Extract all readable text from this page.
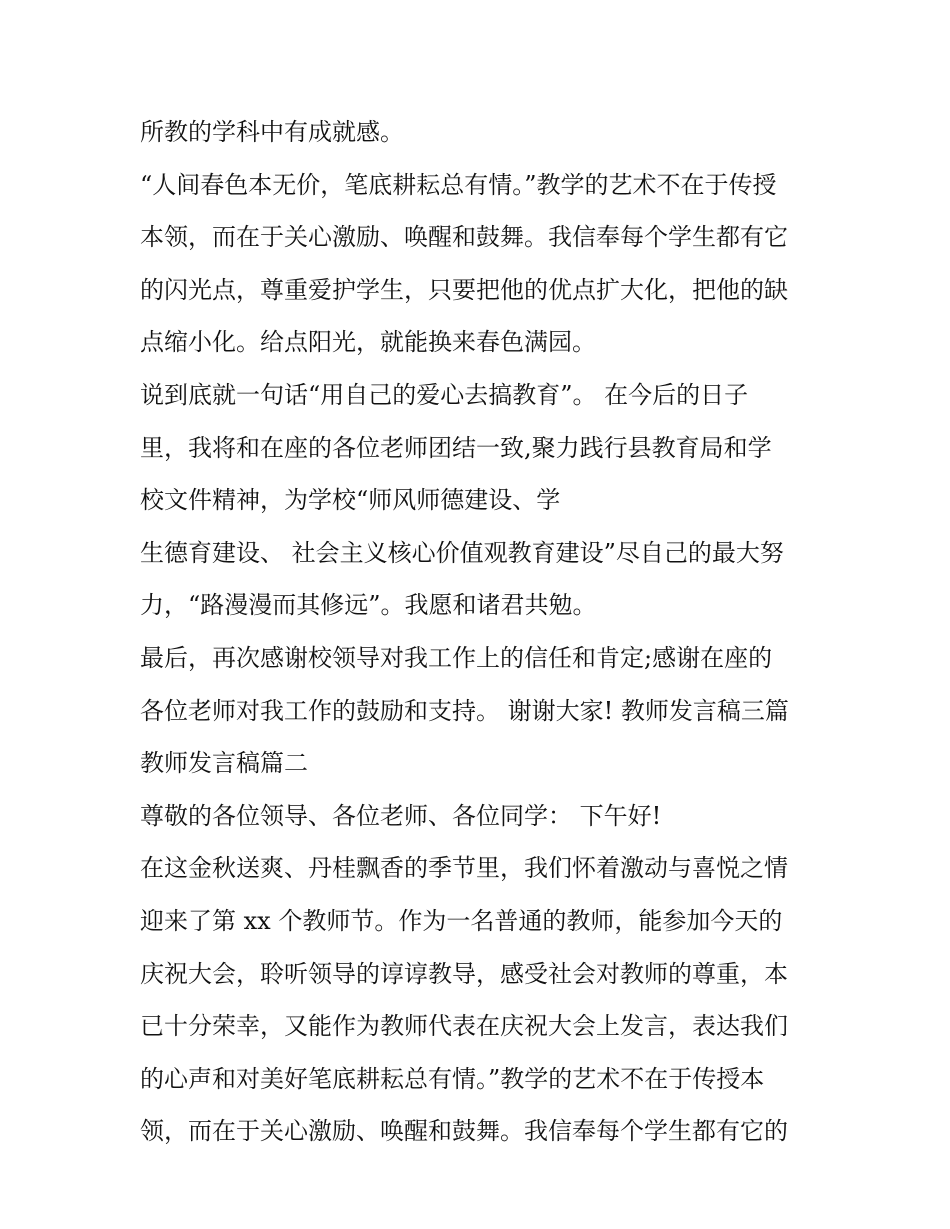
所教的学科中有成就感。
“人间春色本无价，笔底耕耘总有情。”教学的艺术不在于传授
本领，而在于关心激励、唤醒和鼓舞。我信奉每个学生都有它
的闪光点，尊重爱护学生，只要把他的优点扩大化，把他的缺
点缩小化。给点阳光，就能换来春色满园。
说到底就一句话“用自己的爱心去搞教育”。 在今后的日子
里，我将和在座的各位老师团结一致,聚力践行县教育局和学
校文件精神，为学校“师风师德建设、学
生德育建设、 社会主义核心价值观教育建设”尽自己的最大努
力，“路漫漫而其修远”。我愿和诸君共勉。
最后，再次感谢校领导对我工作上的信任和肯定;感谢在座的
各位老师对我工作的鼓励和支持。 谢谢大家! 教师发言稿三篇
教师发言稿篇二
尊敬的各位领导、各位老师、各位同学： 下午好!
在这金秋送爽、丹桂飘香的季节里，我们怀着激动与喜悦之情
迎来了第 xx 个教师节。作为一名普通的教师，能参加今天的
庆祝大会，聆听领导的谆谆教导，感受社会对教师的尊重，本
已十分荣幸，又能作为教师代表在庆祝大会上发言，表达我们
的心声和对美好笔底耕耘总有情。”教学的艺术不在于传授本
领，而在于关心激励、唤醒和鼓舞。我信奉每个学生都有它的
